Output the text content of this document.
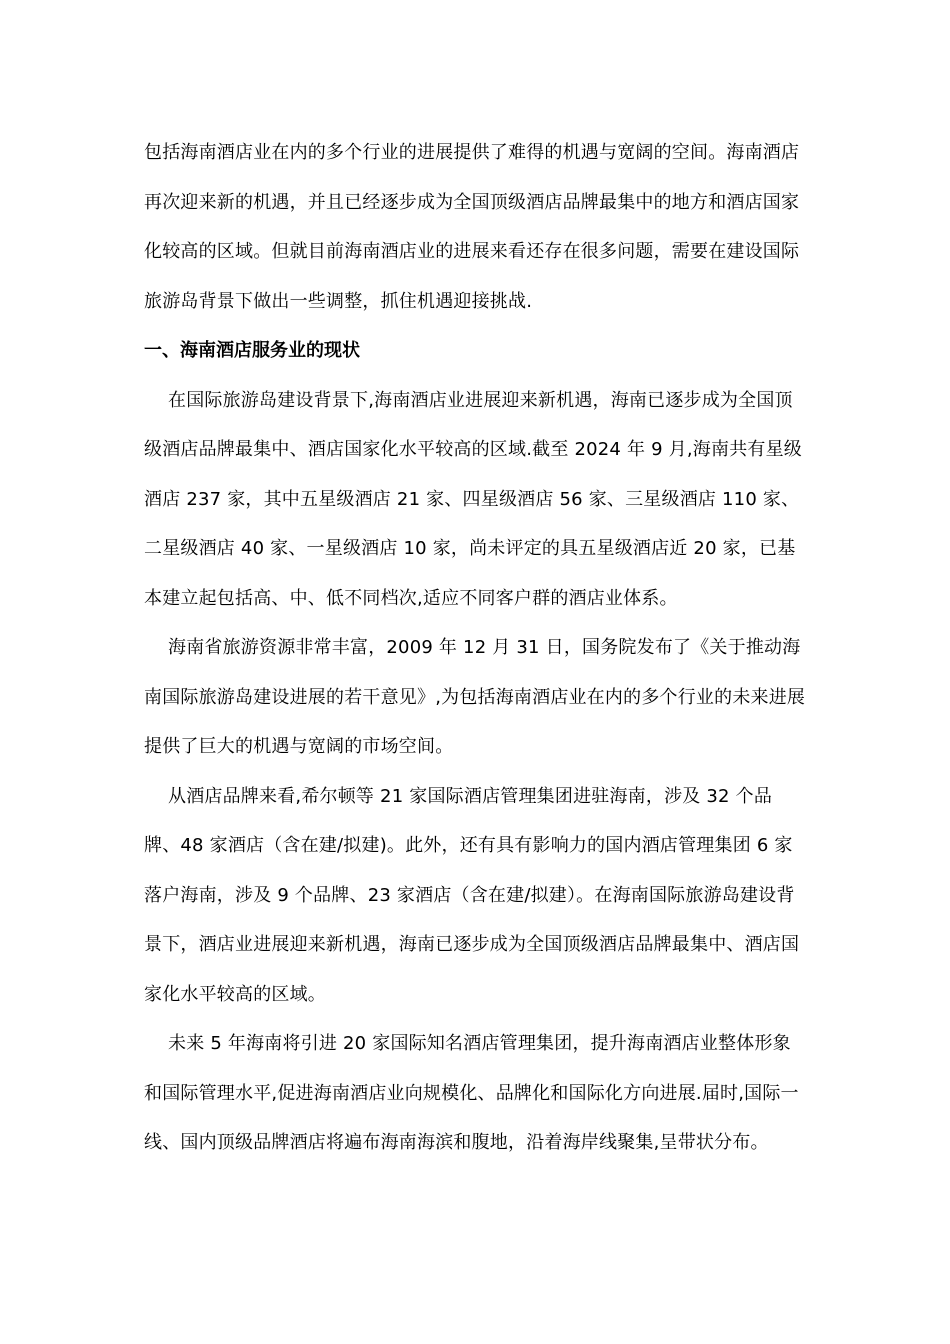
包括海南酒店业在内的多个行业的进展提供了难得的机遇与宽阔的空间。海南酒店再次迎来新的机遇，并且已经逐步成为全国顶级酒店品牌最集中的地方和酒店国家化较高的区域。但就目前海南酒店业的进展来看还存在很多问题，需要在建设国际旅游岛背景下做出一些调整，抓住机遇迎接挑战.

一、海南酒店服务业的现状

在国际旅游岛建设背景下,海南酒店业进展迎来新机遇，海南已逐步成为全国顶级酒店品牌最集中、酒店国家化水平较高的区域.截至 2024 年 9 月,海南共有星级酒店 237 家，其中五星级酒店 21 家、四星级酒店 56 家、三星级酒店 110 家、二星级酒店 40 家、一星级酒店 10 家，尚未评定的具五星级酒店近 20 家，已基本建立起包括高、中、低不同档次,适应不同客户群的酒店业体系。

海南省旅游资源非常丰富，2009 年 12 月 31 日，国务院发布了《关于推动海南国际旅游岛建设进展的若干意见》,为包括海南酒店业在内的多个行业的未来进展提供了巨大的机遇与宽阔的市场空间。

从酒店品牌来看,希尔顿等 21 家国际酒店管理集团进驻海南，涉及 32 个品牌、48 家酒店（含在建/拟建)。此外，还有具有影响力的国内酒店管理集团 6 家落户海南，涉及 9 个品牌、23 家酒店（含在建/拟建）。在海南国际旅游岛建设背景下，酒店业进展迎来新机遇，海南已逐步成为全国顶级酒店品牌最集中、酒店国家化水平较高的区域。

未来 5 年海南将引进 20 家国际知名酒店管理集团，提升海南酒店业整体形象和国际管理水平,促进海南酒店业向规模化、品牌化和国际化方向进展.届时,国际一线、国内顶级品牌酒店将遍布海南海滨和腹地，沿着海岸线聚集,呈带状分布。
